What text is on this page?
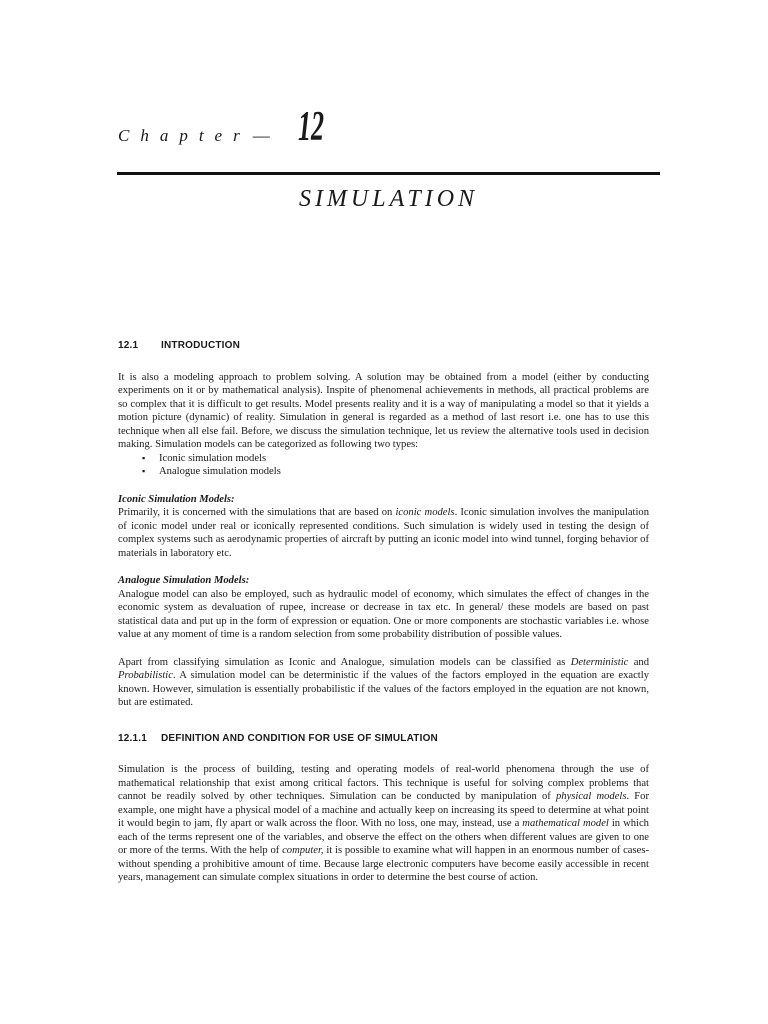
Chapter — 12
SIMULATION
12.1 INTRODUCTION

It is also a modeling approach to problem solving. A solution may be obtained from a model (either by conducting experiments on it or by mathematical analysis). Inspite of phenomenal achievements in methods, all practical problems are so complex that it is difficult to get results. Model presents reality and it is a way of manipulating a model so that it yields a motion picture (dynamic) of reality. Simulation in general is regarded as a method of last resort i.e. one has to use this technique when all else fail. Before, we discuss the simulation technique, let us review the alternative tools used in decision making. Simulation models can be categorized as following two types:

▪ Iconic simulation models
▪ Analogue simulation models

Iconic Simulation Models:

Primarily, it is concerned with the simulations that are based on iconic models. Iconic simulation involves the manipulation of iconic model under real or iconically represented conditions. Such simulation is widely used in testing the design of complex systems such as aerodynamic properties of aircraft by putting an iconic model into wind tunnel, forging behavior of materials in laboratory etc.

Analogue Simulation Models:

Analogue model can also be employed, such as hydraulic model of economy, which simulates the effect of changes in the economic system as devaluation of rupee, increase or decrease in tax etc. In general/ these models are based on past statistical data and put up in the form of expression or equation. One or more components are stochastic variables i.e. whose value at any moment of time is a random selection from some probability distribution of possible values.

Apart from classifying simulation as Iconic and Analogue, simulation models can be classified as Deterministic and Probabilistic. A simulation model can be deterministic if the values of the factors employed in the equation are exactly known. However, simulation is essentially probabilistic if the values of the factors employed in the equation are not known, but are estimated.

12.1.1 DEFINITION AND CONDITION FOR USE OF SIMULATION

Simulation is the process of building, testing and operating models of real-world phenomena through the use of mathematical relationship that exist among critical factors. This technique is useful for solving complex problems that cannot be readily solved by other techniques. Simulation can be conducted by manipulation of physical models. For example, one might have a physical model of a machine and actually keep on increasing its speed to determine at what point it would begin to jam, fly apart or walk across the floor. With no loss, one may, instead, use a mathematical model in which each of the terms represent one of the variables, and observe the effect on the others when different values are given to one or more of the terms. With the help of computer, it is possible to examine what will happen in an enormous number of cases-without spending a prohibitive amount of time. Because large electronic computers have become easily accessible in recent years, management can simulate complex situations in order to determine the best course of action.
